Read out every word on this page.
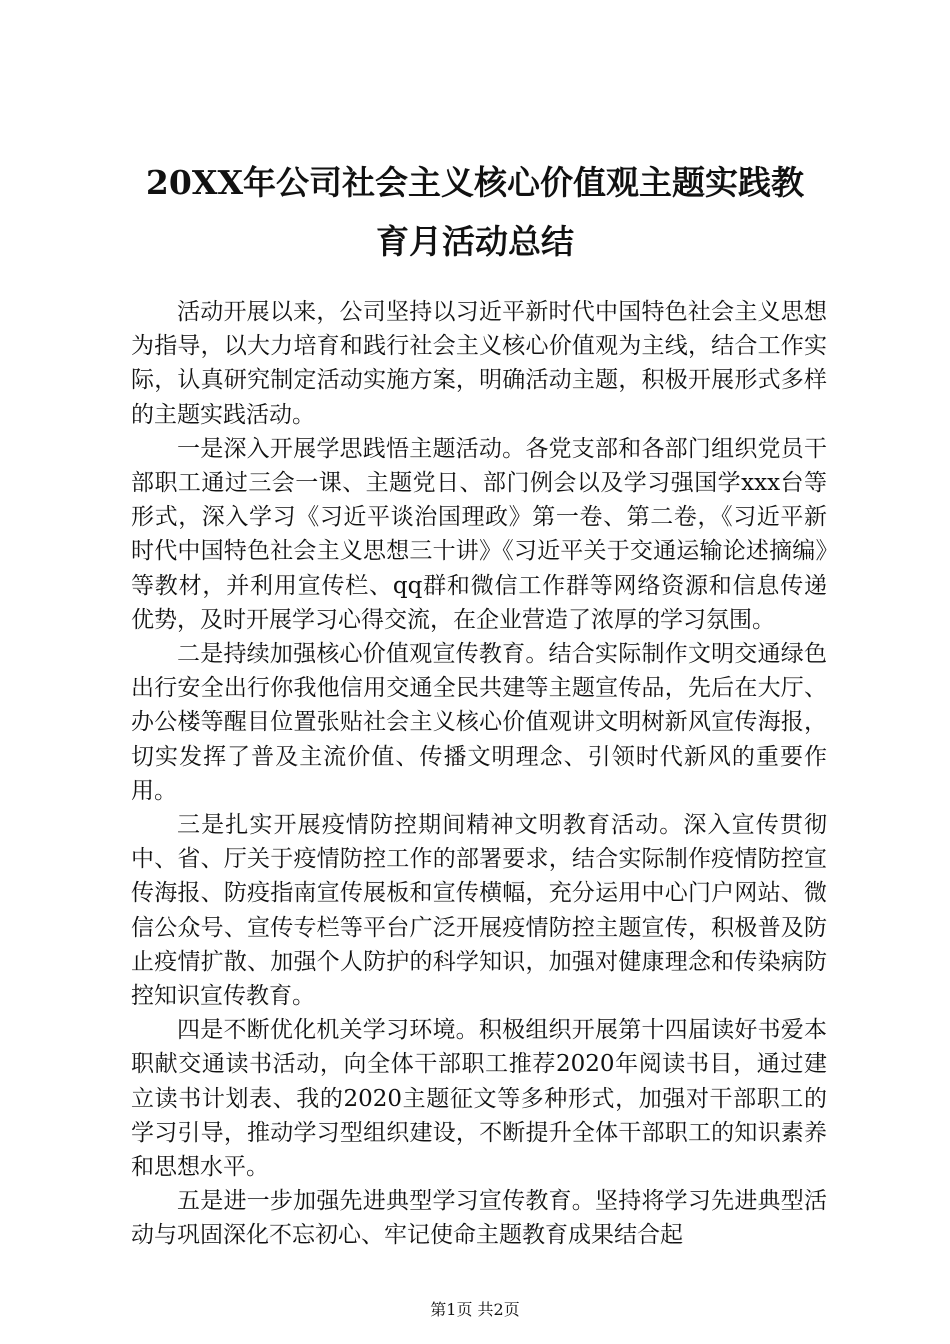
20XX年公司社会主义核心价值观主题实践教
育月活动总结

活动开展以来，公司坚持以习近平新时代中国特色社会主义思想为指导，以大力培育和践行社会主义核心价值观为主线，结合工作实际，认真研究制定活动实施方案，明确活动主题，积极开展形式多样的主题实践活动。

一是深入开展学思践悟主题活动。各党支部和各部门组织党员干部职工通过三会一课、主题党日、部门例会以及学习强国学xxx台等形式，深入学习《习近平谈治国理政》第一卷、第二卷，《习近平新时代中国特色社会主义思想三十讲》《习近平关于交通运输论述摘编》等教材，并利用宣传栏、qq群和微信工作群等网络资源和信息传递优势，及时开展学习心得交流，在企业营造了浓厚的学习氛围。

二是持续加强核心价值观宣传教育。结合实际制作文明交通绿色出行安全出行你我他信用交通全民共建等主题宣传品，先后在大厅、办公楼等醒目位置张贴社会主义核心价值观讲文明树新风宣传海报，切实发挥了普及主流价值、传播文明理念、引领时代新风的重要作用。

三是扎实开展疫情防控期间精神文明教育活动。深入宣传贯彻中、省、厅关于疫情防控工作的部署要求，结合实际制作疫情防控宣传海报、防疫指南宣传展板和宣传横幅，充分运用中心门户网站、微信公众号、宣传专栏等平台广泛开展疫情防控主题宣传，积极普及防止疫情扩散、加强个人防护的科学知识，加强对健康理念和传染病防控知识宣传教育。

四是不断优化机关学习环境。积极组织开展第十四届读好书爱本职献交通读书活动，向全体干部职工推荐2020年阅读书目，通过建立读书计划表、我的2020主题征文等多种形式，加强对干部职工的学习引导，推动学习型组织建设，不断提升全体干部职工的知识素养和思想水平。

五是进一步加强先进典型学习宣传教育。坚持将学习先进典型活动与巩固深化不忘初心、牢记使命主题教育成果结合起

第1页 共2页
